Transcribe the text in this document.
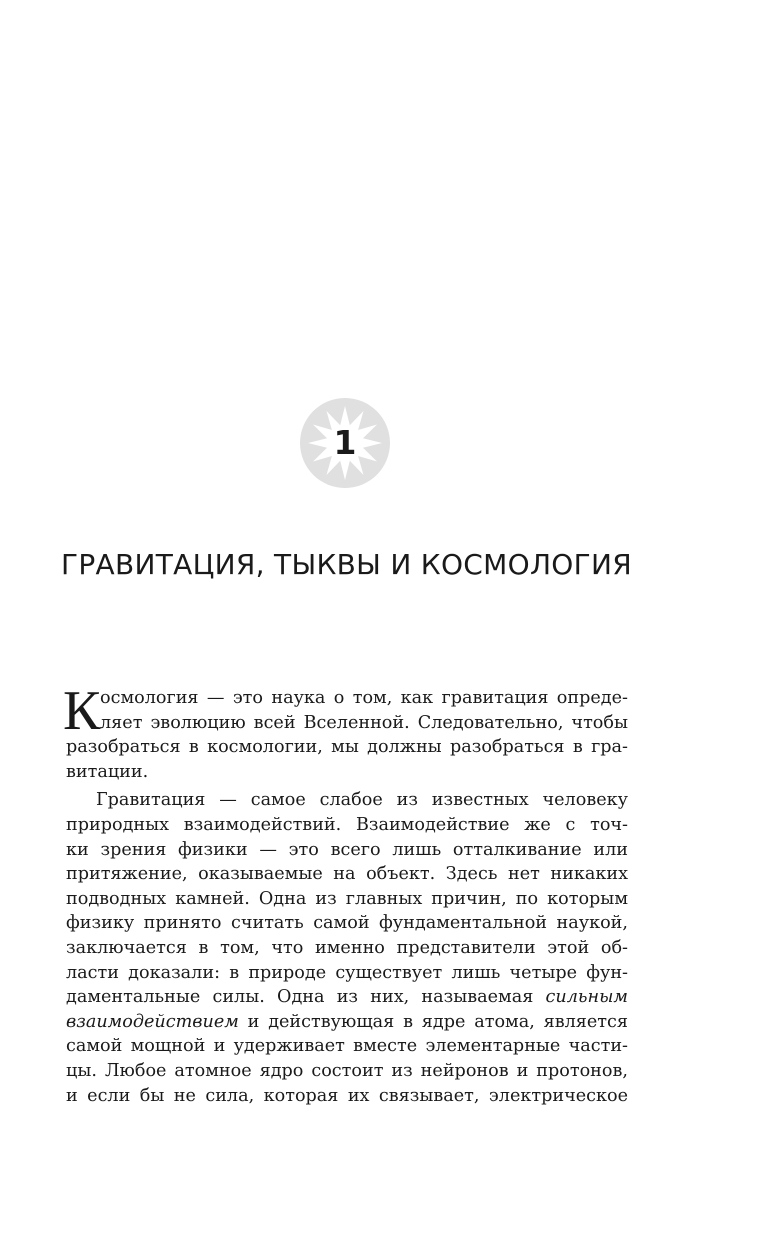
1
ГРАВИТАЦИЯ, ТЫКВЫ И КОСМОЛОГИЯ
К осмология — это наука о том, как гравитация опреде-
ляет эволюцию всей Вселенной. Следовательно, чтобы
разобраться в космологии, мы должны разобраться в гра-
витации.
Гравитация — самое слабое из известных человеку
природных взаимодействий. Взаимодействие же с точ-
ки зрения физики — это всего лишь отталкивание или
притяжение, оказываемые на объект. Здесь нет никаких
подводных камней. Одна из главных причин, по которым
физику принято считать самой фундаментальной наукой,
заключается в том, что именно представители этой об-
ласти доказали: в природе существует лишь четыре фун-
даментальные силы. Одна из них, называемая сильным
взаимодействием и действующая в ядре атома, является
самой мощной и удерживает вместе элементарные части-
цы. Любое атомное ядро состоит из нейронов и протонов,
и если бы не сила, которая их связывает, электрическое
